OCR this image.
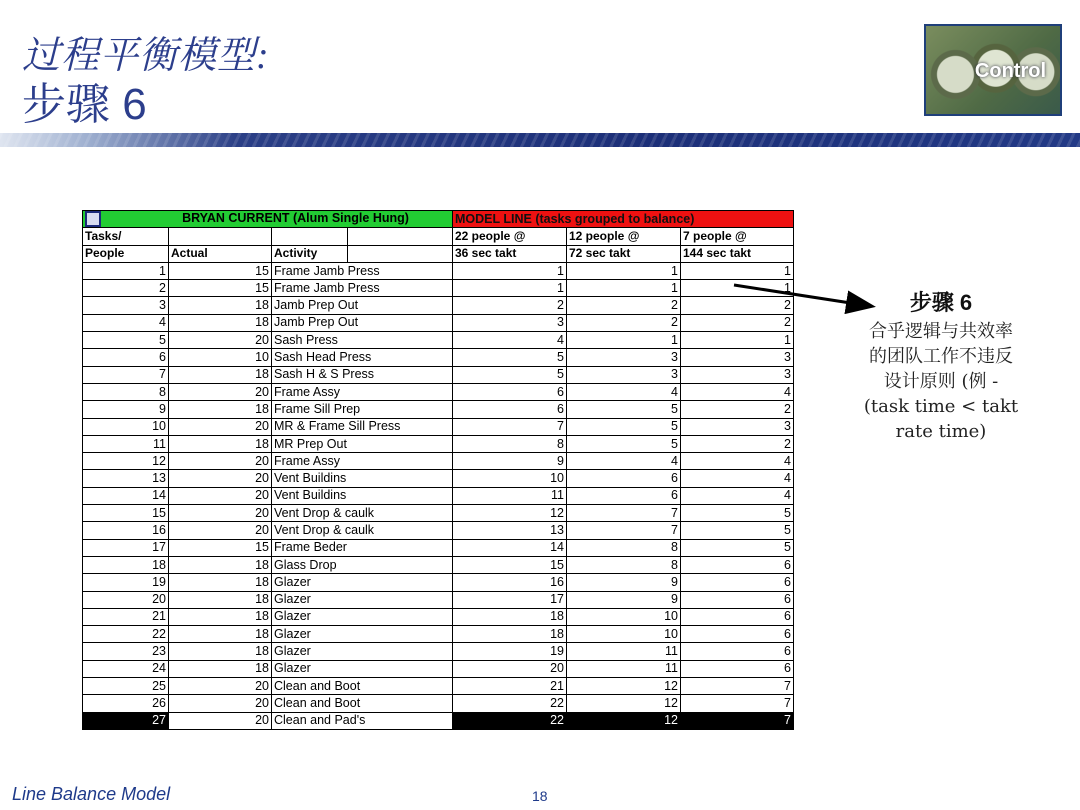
过程平衡模型:
步骤 6
Control
BRYAN CURRENT (Alum Single Hung)				MODEL LINE (tasks grouped to balance)		
Tasks/				22 people @	12 people @	7 people @
People	Actual	Activity		36 sec takt	72 sec takt	144 sec takt
1	15	Frame Jamb Press		1	1	1
2	15	Frame Jamb Press		1	1	1
3	18	Jamb Prep Out		2	2	2
4	18	Jamb Prep Out		3	2	2
5	20	Sash Press		4	1	1
6	10	Sash Head Press		5	3	3
7	18	Sash H & S Press		5	3	3
8	20	Frame Assy		6	4	4
9	18	Frame Sill Prep		6	5	2
10	20	MR & Frame Sill Press		7	5	3
11	18	MR Prep Out		8	5	2
12	20	Frame Assy		9	4	4
13	20	Vent Buildins		10	6	4
14	20	Vent Buildins		11	6	4
15	20	Vent Drop & caulk		12	7	5
16	20	Vent Drop & caulk		13	7	5
17	15	Frame Beder		14	8	5
18	18	Glass Drop		15	8	6
19	18	Glazer		16	9	6
20	18	Glazer		17	9	6
21	18	Glazer		18	10	6
22	18	Glazer		18	10	6
23	18	Glazer		19	11	6
24	18	Glazer		20	11	6
25	20	Clean and Boot		21	12	7
26	20	Clean and Boot		22	12	7
27	20	Clean and Pad's		22	12	7
步骤 6
合乎逻辑与共效率
的团队工作不违反
设计原则 (例 -
(task time < takt
rate time)
Line Balance Model	18
